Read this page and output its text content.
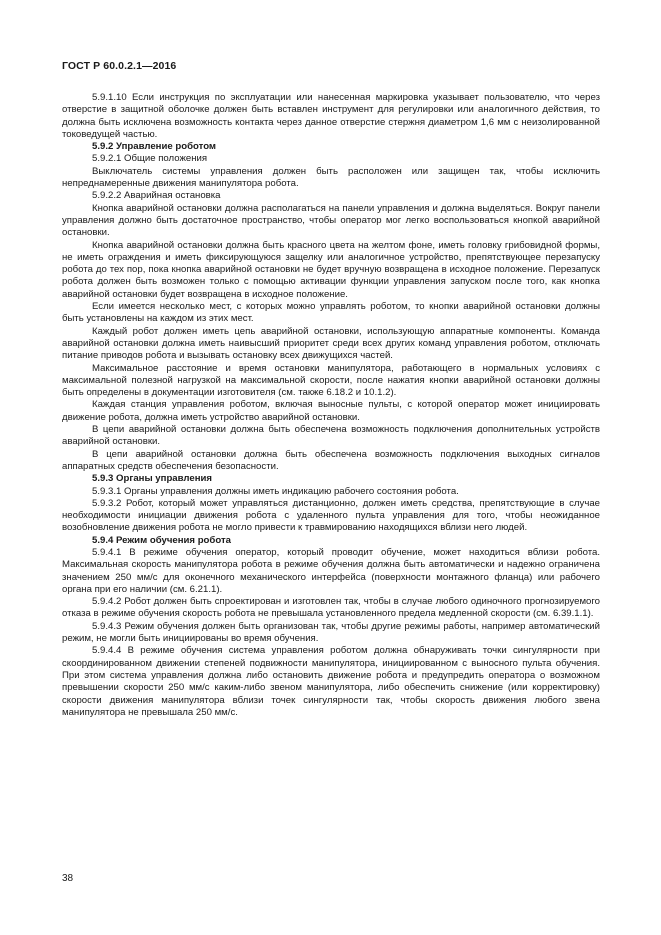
ГОСТ Р 60.0.2.1—2016

5.9.1.10 Если инструкция по эксплуатации или нанесенная маркировка указывает пользователю, что через отверстие в защитной оболочке должен быть вставлен инструмент для регулировки или аналогичного действия, то должна быть исключена возможность контакта через данное отверстие стержня диаметром 1,6 мм с неизолированной токоведущей частью.

5.9.2 Управление роботом

5.9.2.1 Общие положения

Выключатель системы управления должен быть расположен или защищен так, чтобы исключить непреднамеренные движения манипулятора робота.

5.9.2.2 Аварийная остановка

Кнопка аварийной остановки должна располагаться на панели управления и должна выделяться. Вокруг панели управления должно быть достаточное пространство, чтобы оператор мог легко воспользоваться кнопкой аварийной остановки.

Кнопка аварийной остановки должна быть красного цвета на желтом фоне, иметь головку грибовидной формы, не иметь ограждения и иметь фиксирующуюся защелку или аналогичное устройство, препятствующее перезапуску робота до тех пор, пока кнопка аварийной остановки не будет вручную возвращена в исходное положение. Перезапуск робота должен быть возможен только с помощью активации функции управления запуском после того, как кнопка аварийной остановки будет возвращена в исходное положение.

Если имеется несколько мест, с которых можно управлять роботом, то кнопки аварийной остановки должны быть установлены на каждом из этих мест.

Каждый робот должен иметь цепь аварийной остановки, использующую аппаратные компоненты. Команда аварийной остановки должна иметь наивысший приоритет среди всех других команд управления роботом, отключать питание приводов робота и вызывать остановку всех движущихся частей.

Максимальное расстояние и время остановки манипулятора, работающего в нормальных условиях с максимальной полезной нагрузкой на максимальной скорости, после нажатия кнопки аварийной остановки должны быть определены в документации изготовителя (см. также 6.18.2 и 10.1.2).

Каждая станция управления роботом, включая выносные пульты, с которой оператор может инициировать движение робота, должна иметь устройство аварийной остановки.

В цепи аварийной остановки должна быть обеспечена возможность подключения дополнительных устройств аварийной остановки.

В цепи аварийной остановки должна быть обеспечена возможность подключения выходных сигналов аппаратных средств обеспечения безопасности.

5.9.3 Органы управления

5.9.3.1 Органы управления должны иметь индикацию рабочего состояния робота.

5.9.3.2 Робот, который может управляться дистанционно, должен иметь средства, препятствующие в случае необходимости инициации движения робота с удаленного пульта управления для того, чтобы неожиданное возобновление движения робота не могло привести к травмированию находящихся вблизи него людей.

5.9.4 Режим обучения робота

5.9.4.1 В режиме обучения оператор, который проводит обучение, может находиться вблизи робота. Максимальная скорость манипулятора робота в режиме обучения должна быть автоматически и надежно ограничена значением 250 мм/с для оконечного механического интерфейса (поверхности монтажного фланца) или рабочего органа при его наличии (см. 6.21.1).

5.9.4.2 Робот должен быть спроектирован и изготовлен так, чтобы в случае любого одиночного прогнозируемого отказа в режиме обучения скорость робота не превышала установленного предела медленной скорости (см. 6.39.1.1).

5.9.4.3 Режим обучения должен быть организован так, чтобы другие режимы работы, например автоматический режим, не могли быть инициированы во время обучения.

5.9.4.4 В режиме обучения система управления роботом должна обнаруживать точки сингулярности при скоординированном движении степеней подвижности манипулятора, инициированном с выносного пульта обучения. При этом система управления должна либо остановить движение робота и предупредить оператора о возможном превышении скорости 250 мм/с каким-либо звеном манипулятора, либо обеспечить снижение (или корректировку) скорости движения манипулятора вблизи точек сингулярности так, чтобы скорость движения любого звена манипулятора не превышала 250 мм/с.

38
